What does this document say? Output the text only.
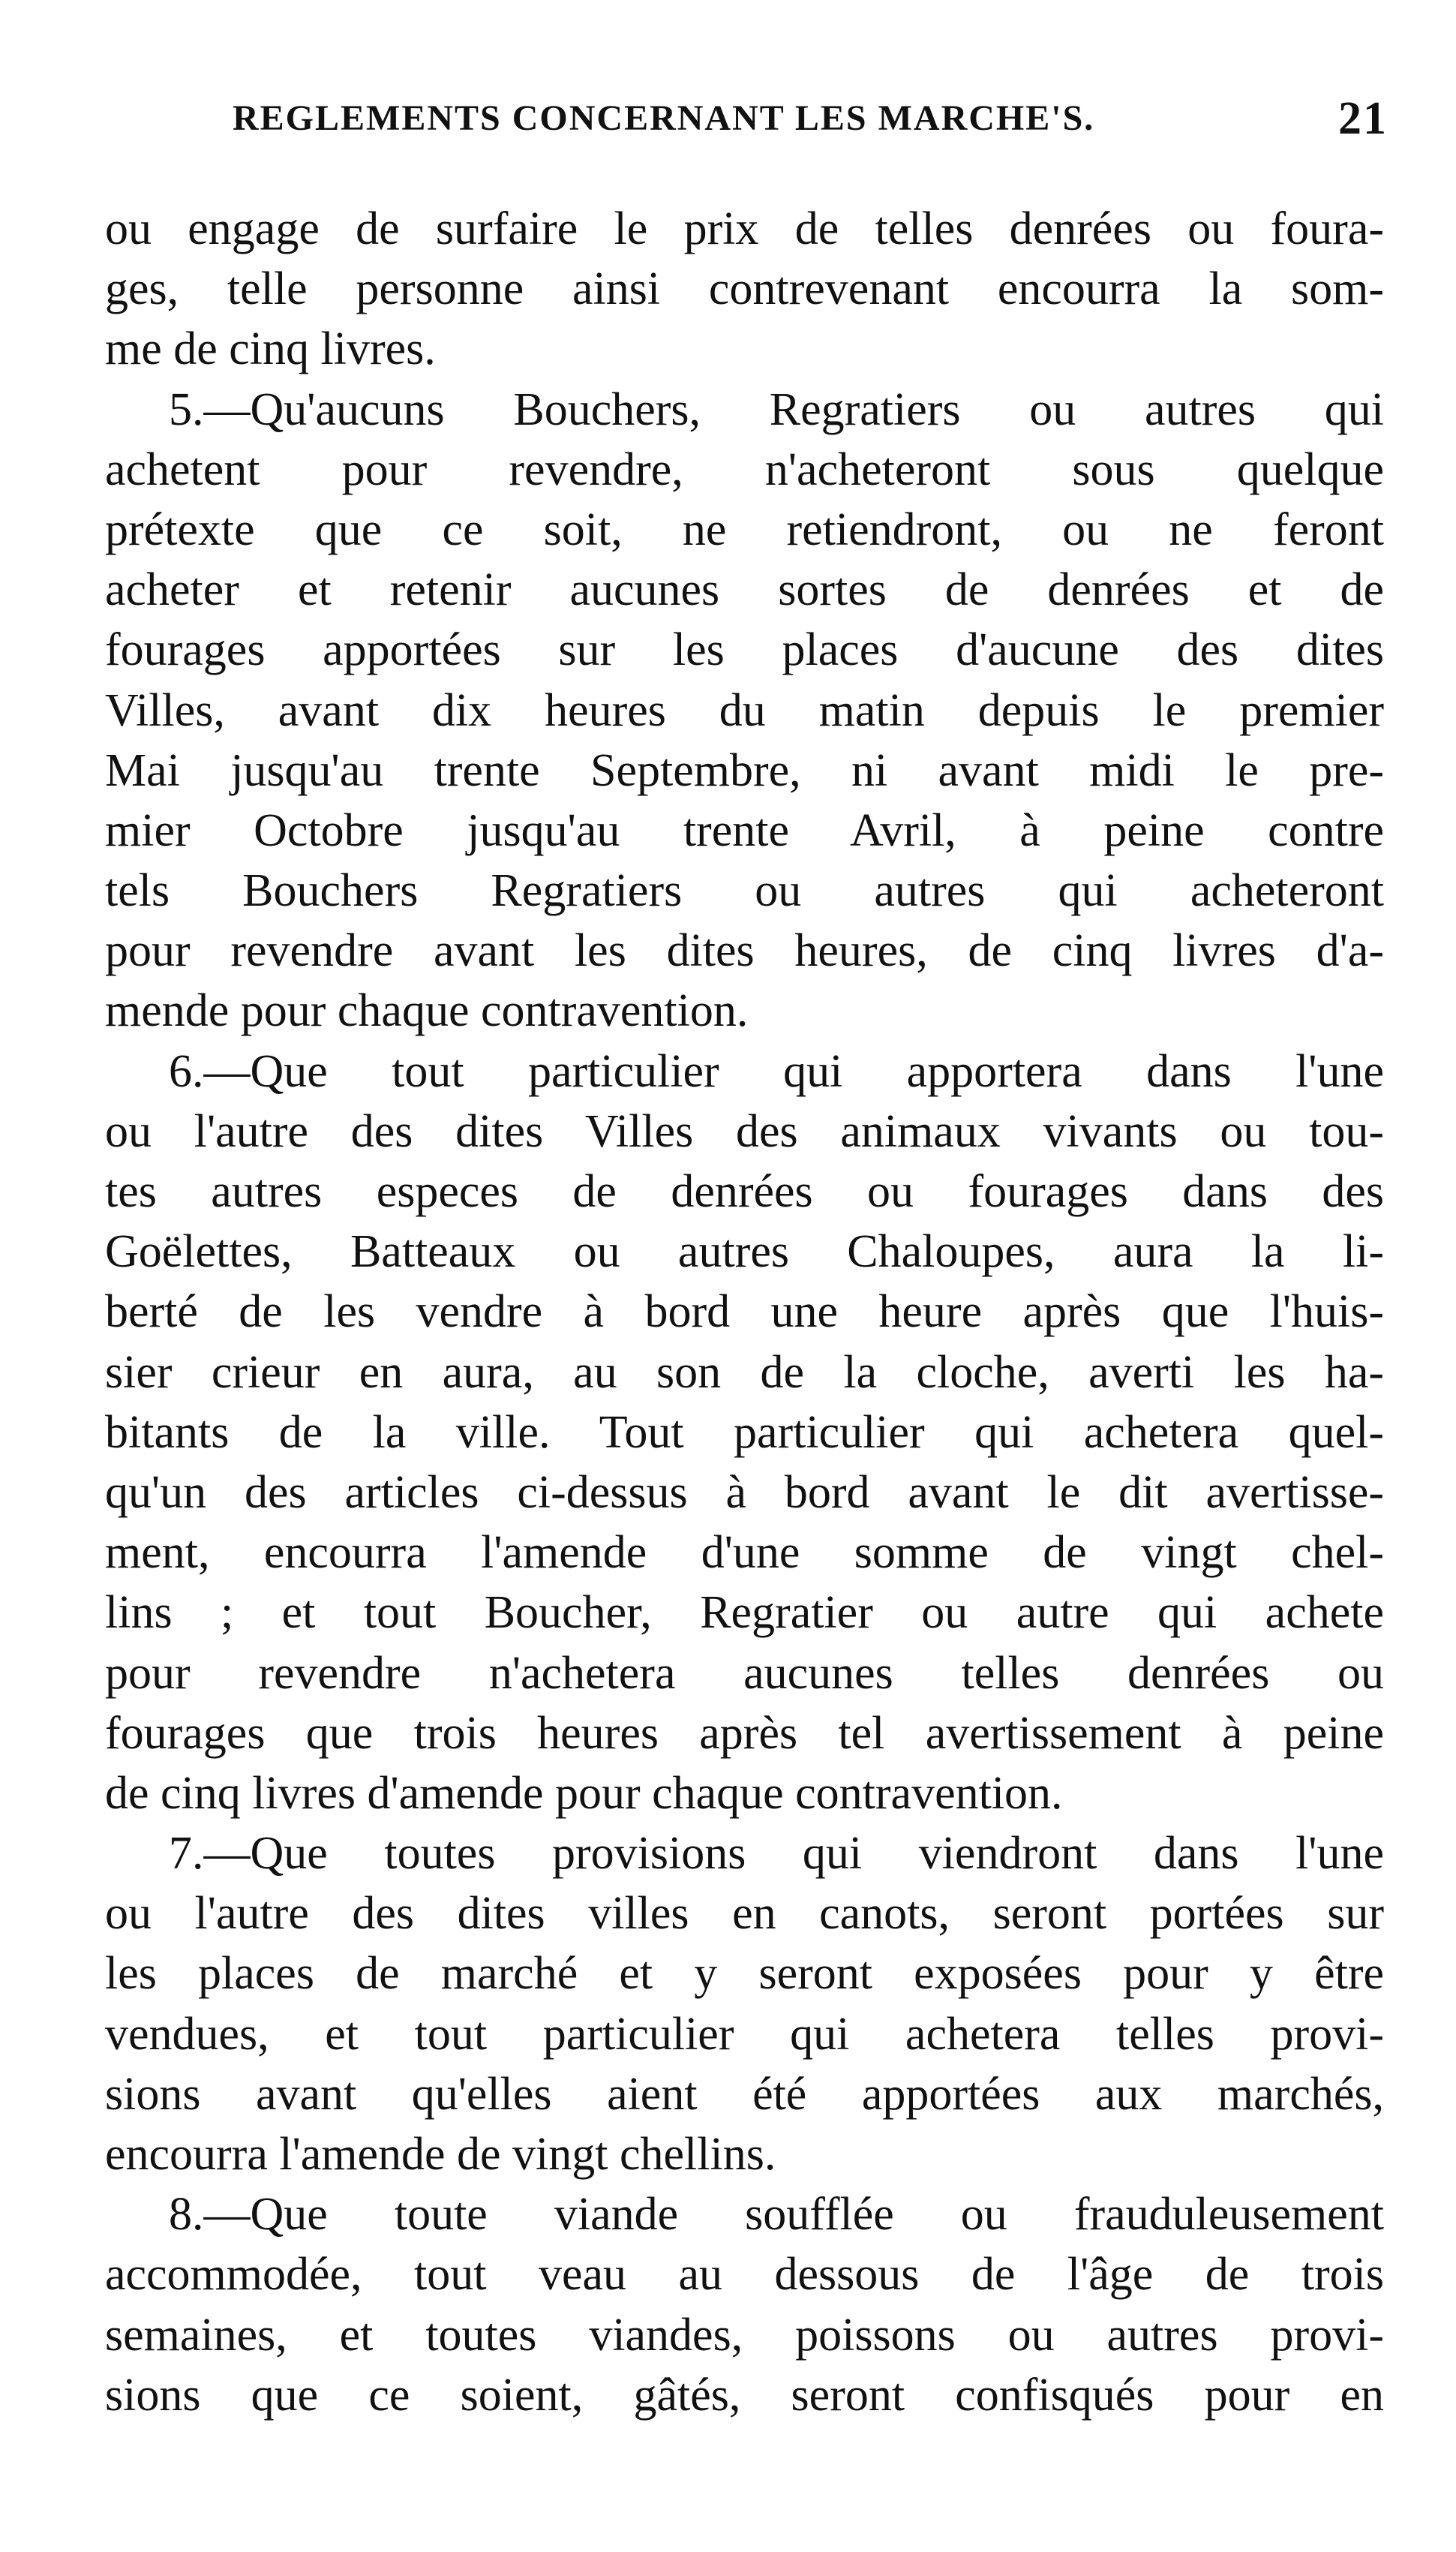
REGLEMENTS CONCERNANT LES MARCHE'S.	21
ou engage de surfaire le prix de telles denrées ou foura-
ges, telle personne ainsi contrevenant encourra la som-
me de cinq livres.
5.—Qu'aucuns Bouchers, Regratiers ou autres qui
achetent pour revendre, n'acheteront sous quelque
prétexte que ce soit, ne retiendront, ou ne feront
acheter et retenir aucunes sortes de denrées et de
fourages apportées sur les places d'aucune des dites
Villes, avant dix heures du matin depuis le premier
Mai jusqu'au trente Septembre, ni avant midi le pre-
mier Octobre jusqu'au trente Avril, à peine contre
tels Bouchers Regratiers ou autres qui acheteront
pour revendre avant les dites heures, de cinq livres d'a-
mende pour chaque contravention.
6.—Que tout particulier qui apportera dans l'une
ou l'autre des dites Villes des animaux vivants ou tou-
tes autres especes de denrées ou fourages dans des
Goëlettes, Batteaux ou autres Chaloupes, aura la li-
berté de les vendre à bord une heure après que l'huis-
sier crieur en aura, au son de la cloche, averti les ha-
bitants de la ville. Tout particulier qui achetera quel-
qu'un des articles ci-dessus à bord avant le dit avertisse-
ment, encourra l'amende d'une somme de vingt chel-
lins ; et tout Boucher, Regratier ou autre qui achete
pour revendre n'achetera aucunes telles denrées ou
fourages que trois heures après tel avertissement à peine
de cinq livres d'amende pour chaque contravention.
7.—Que toutes provisions qui viendront dans l'une
ou l'autre des dites villes en canots, seront portées sur
les places de marché et y seront exposées pour y être
vendues, et tout particulier qui achetera telles provi-
sions avant qu'elles aient été apportées aux marchés,
encourra l'amende de vingt chellins.
8.—Que toute viande soufflée ou frauduleusement
accommodée, tout veau au dessous de l'âge de trois
semaines, et toutes viandes, poissons ou autres provi-
sions que ce soient, gâtés, seront confisqués pour en
